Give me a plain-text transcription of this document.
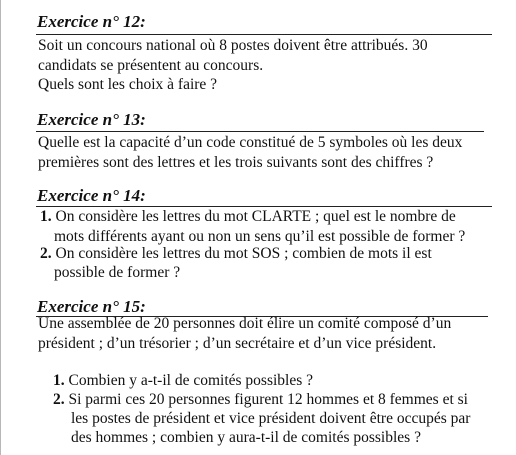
Exercice n° 12:

Soit un concours national où 8 postes doivent être attribués. 30
candidats se présentent au concours.
Quels sont les choix à faire ?

Exercice n° 13:

Quelle est la capacité d’un code constitué de 5 symboles où les deux
premières sont des lettres et les trois suivants sont des chiffres ?

Exercice n° 14:
1. On considère les lettres du mot CLARTE ; quel est le nombre de
mots différents ayant ou non un sens qu’il est possible de former ?
2. On considère les lettres du mot SOS ; combien de mots il est
possible de former ?
Exercice n° 15:

Une assemblée de 20 personnes doit élire un comité composé d’un
président ; d’un trésorier ; d’un secrétaire et d’un vice président.

1. Combien y a-t-il de comités possibles ?
2. Si parmi ces 20 personnes figurent 12 hommes et 8 femmes et si
les postes de président et vice président doivent être occupés par
des hommes ; combien y aura-t-il de comités possibles ?
